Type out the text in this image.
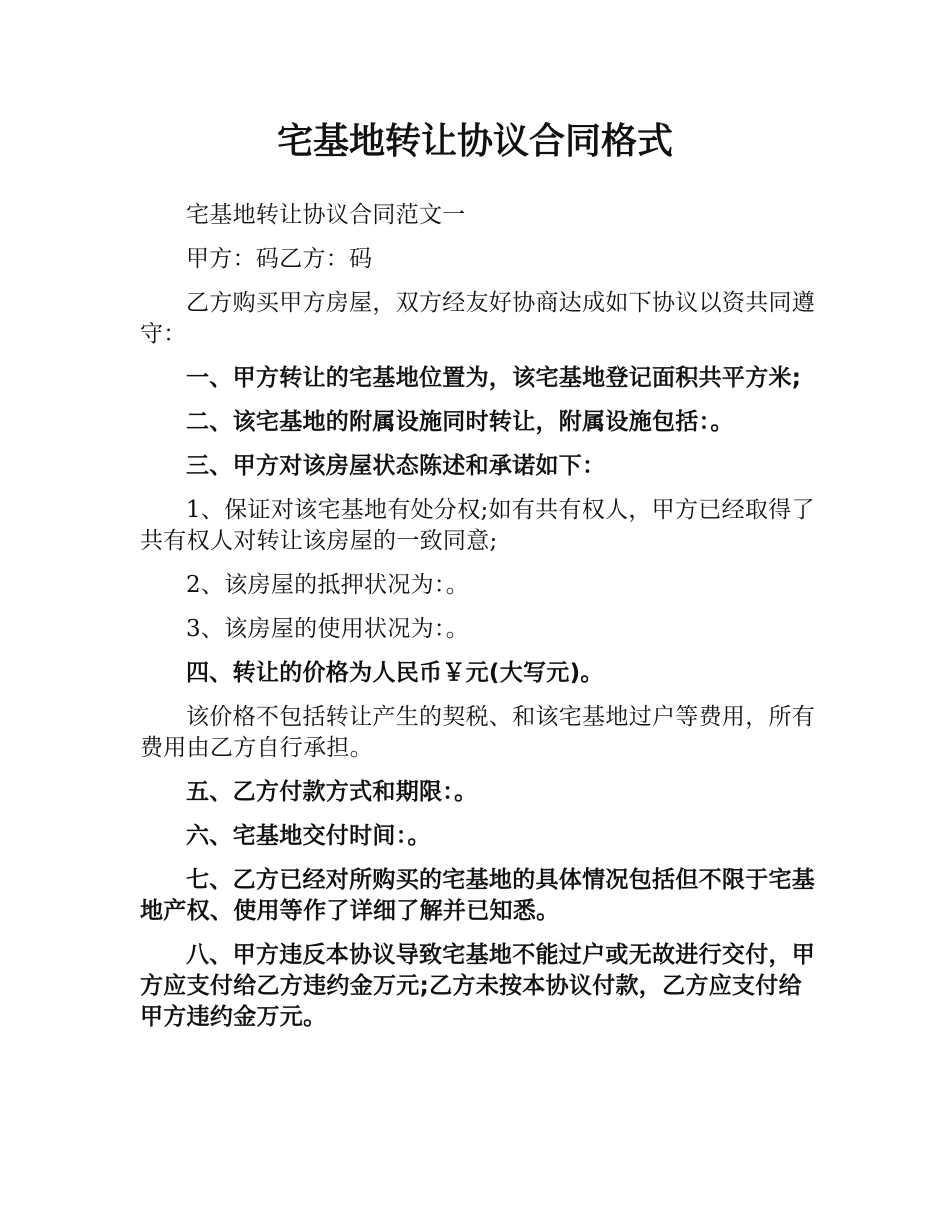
宅基地转让协议合同格式

宅基地转让协议合同范文一

甲方：码乙方：码

乙方购买甲方房屋，双方经友好协商达成如下协议以资共同遵守：

一、甲方转让的宅基地位置为，该宅基地登记面积共平方米;

二、该宅基地的附属设施同时转让，附属设施包括：。

三、甲方对该房屋状态陈述和承诺如下：

1、保证对该宅基地有处分权;如有共有权人，甲方已经取得了共有权人对转让该房屋的一致同意;

2、该房屋的抵押状况为：。

3、该房屋的使用状况为：。

四、转让的价格为人民币￥元(大写元)。

该价格不包括转让产生的契税、和该宅基地过户等费用，所有费用由乙方自行承担。

五、乙方付款方式和期限：。

六、宅基地交付时间：。

七、乙方已经对所购买的宅基地的具体情况包括但不限于宅基地产权、使用等作了详细了解并已知悉。

八、甲方违反本协议导致宅基地不能过户或无故进行交付，甲方应支付给乙方违约金万元;乙方未按本协议付款，乙方应支付给甲方违约金万元。
